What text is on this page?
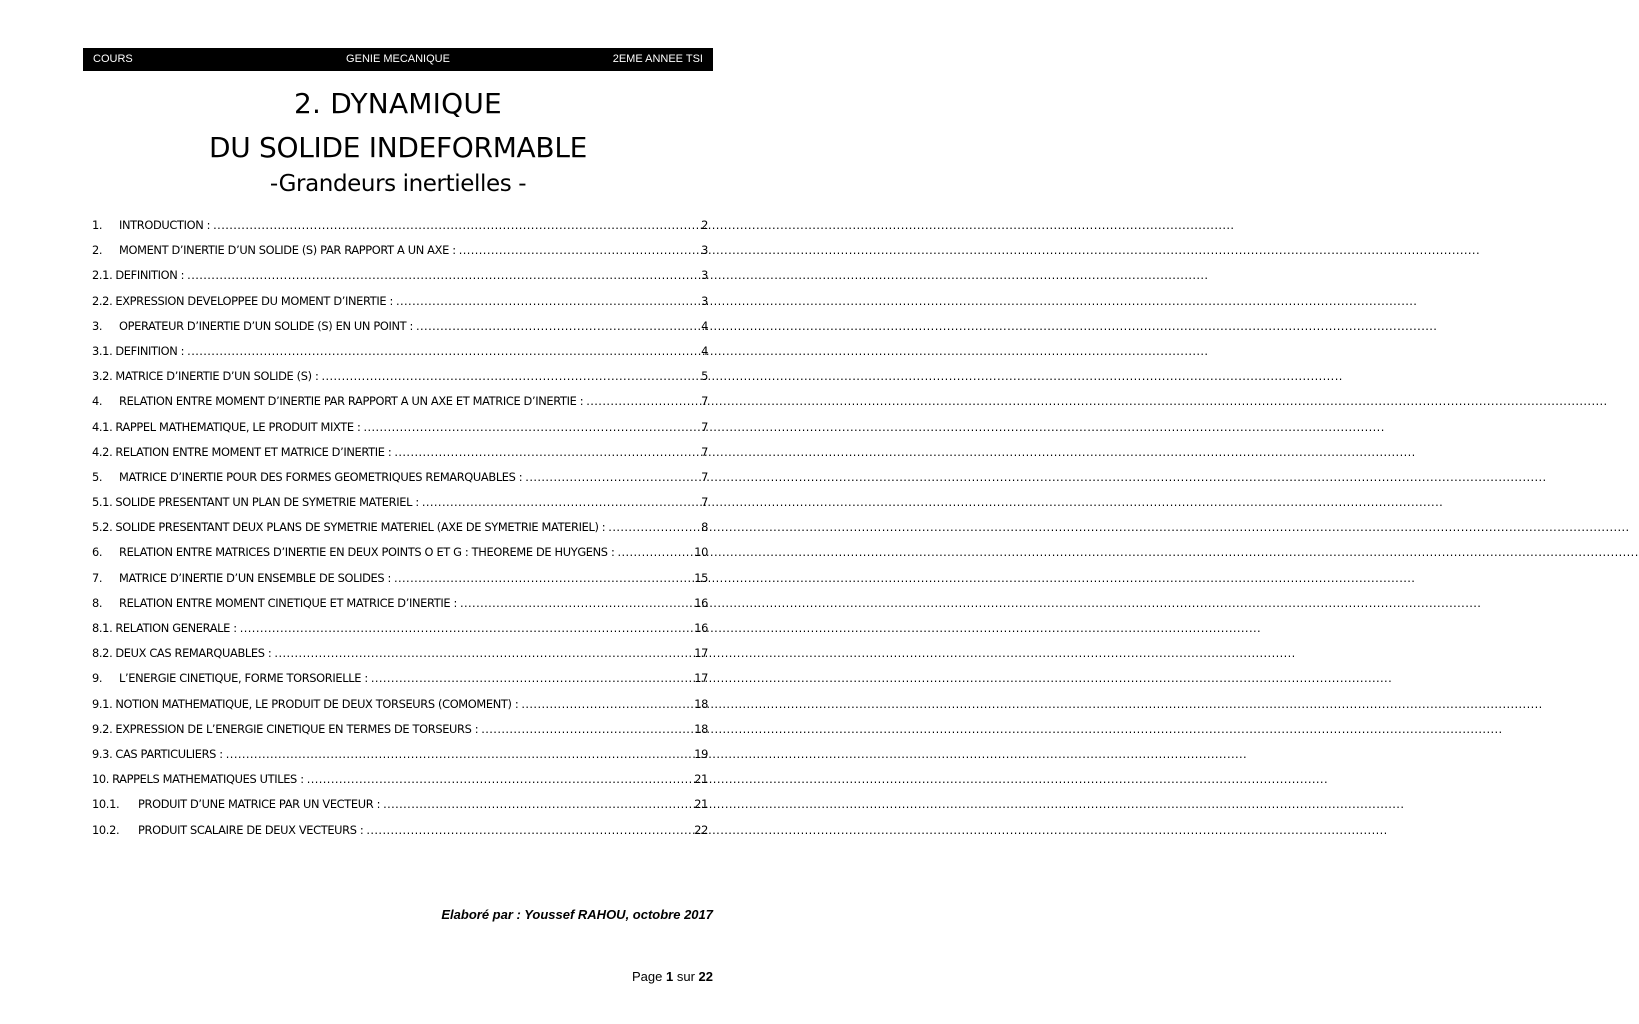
COURS	GENIE MECANIQUE	2EME ANNEE TSI
2. DYNAMIQUE
DU SOLIDE INDEFORMABLE
-Grandeurs inertielles -
1.	INTRODUCTION : .....	2
2.	MOMENT D’INERTIE D’UN SOLIDE (S) PAR RAPPORT A UN AXE : .....	3
2.1. DEFINITION : .....	3
2.2. EXPRESSION DEVELOPPEE DU MOMENT D’INERTIE : .....	3
3.	OPERATEUR D’INERTIE D’UN SOLIDE (S) EN UN POINT : .....	4
3.1. DEFINITION : .....	4
3.2. MATRICE D’INERTIE D’UN SOLIDE (S) : .....	5
4.	RELATION ENTRE MOMENT D’INERTIE PAR RAPPORT A UN AXE ET MATRICE D’INERTIE : .....	7
4.1. RAPPEL MATHEMATIQUE, LE PRODUIT MIXTE : .....	7
4.2. RELATION ENTRE MOMENT ET MATRICE D’INERTIE : .....	7
5.	MATRICE D’INERTIE POUR DES FORMES GEOMETRIQUES REMARQUABLES : .....	7
5.1. SOLIDE PRESENTANT UN PLAN DE SYMETRIE MATERIEL : .....	7
5.2. SOLIDE PRESENTANT DEUX PLANS DE SYMETRIE MATERIEL (AXE DE SYMETRIE MATERIEL) : .....	8
6.	RELATION ENTRE MATRICES D’INERTIE EN DEUX POINTS O ET G : THEOREME DE HUYGENS : .....	10
7.	MATRICE D’INERTIE D’UN ENSEMBLE DE SOLIDES : .....	15
8.	RELATION ENTRE MOMENT CINETIQUE ET MATRICE D’INERTIE : .....	16
8.1. RELATION GENERALE : .....	16
8.2. DEUX CAS REMARQUABLES : .....	17
9.	L’ENERGIE CINETIQUE, FORME TORSORIELLE : .....	17
9.1. NOTION MATHEMATIQUE, LE PRODUIT DE DEUX TORSEURS (COMOMENT) : .....	18
9.2. EXPRESSION DE L’ENERGIE CINETIQUE EN TERMES DE TORSEURS : .....	18
9.3. CAS PARTICULIERS : .....	19
10. RAPPELS MATHEMATIQUES UTILES : .....	21
10.1.	PRODUIT D’UNE MATRICE PAR UN VECTEUR : .....	21
10.2.	PRODUIT SCALAIRE DE DEUX VECTEURS : .....	22
Elaboré par : Youssef RAHOU, octobre 2017
Page 1 sur 22
